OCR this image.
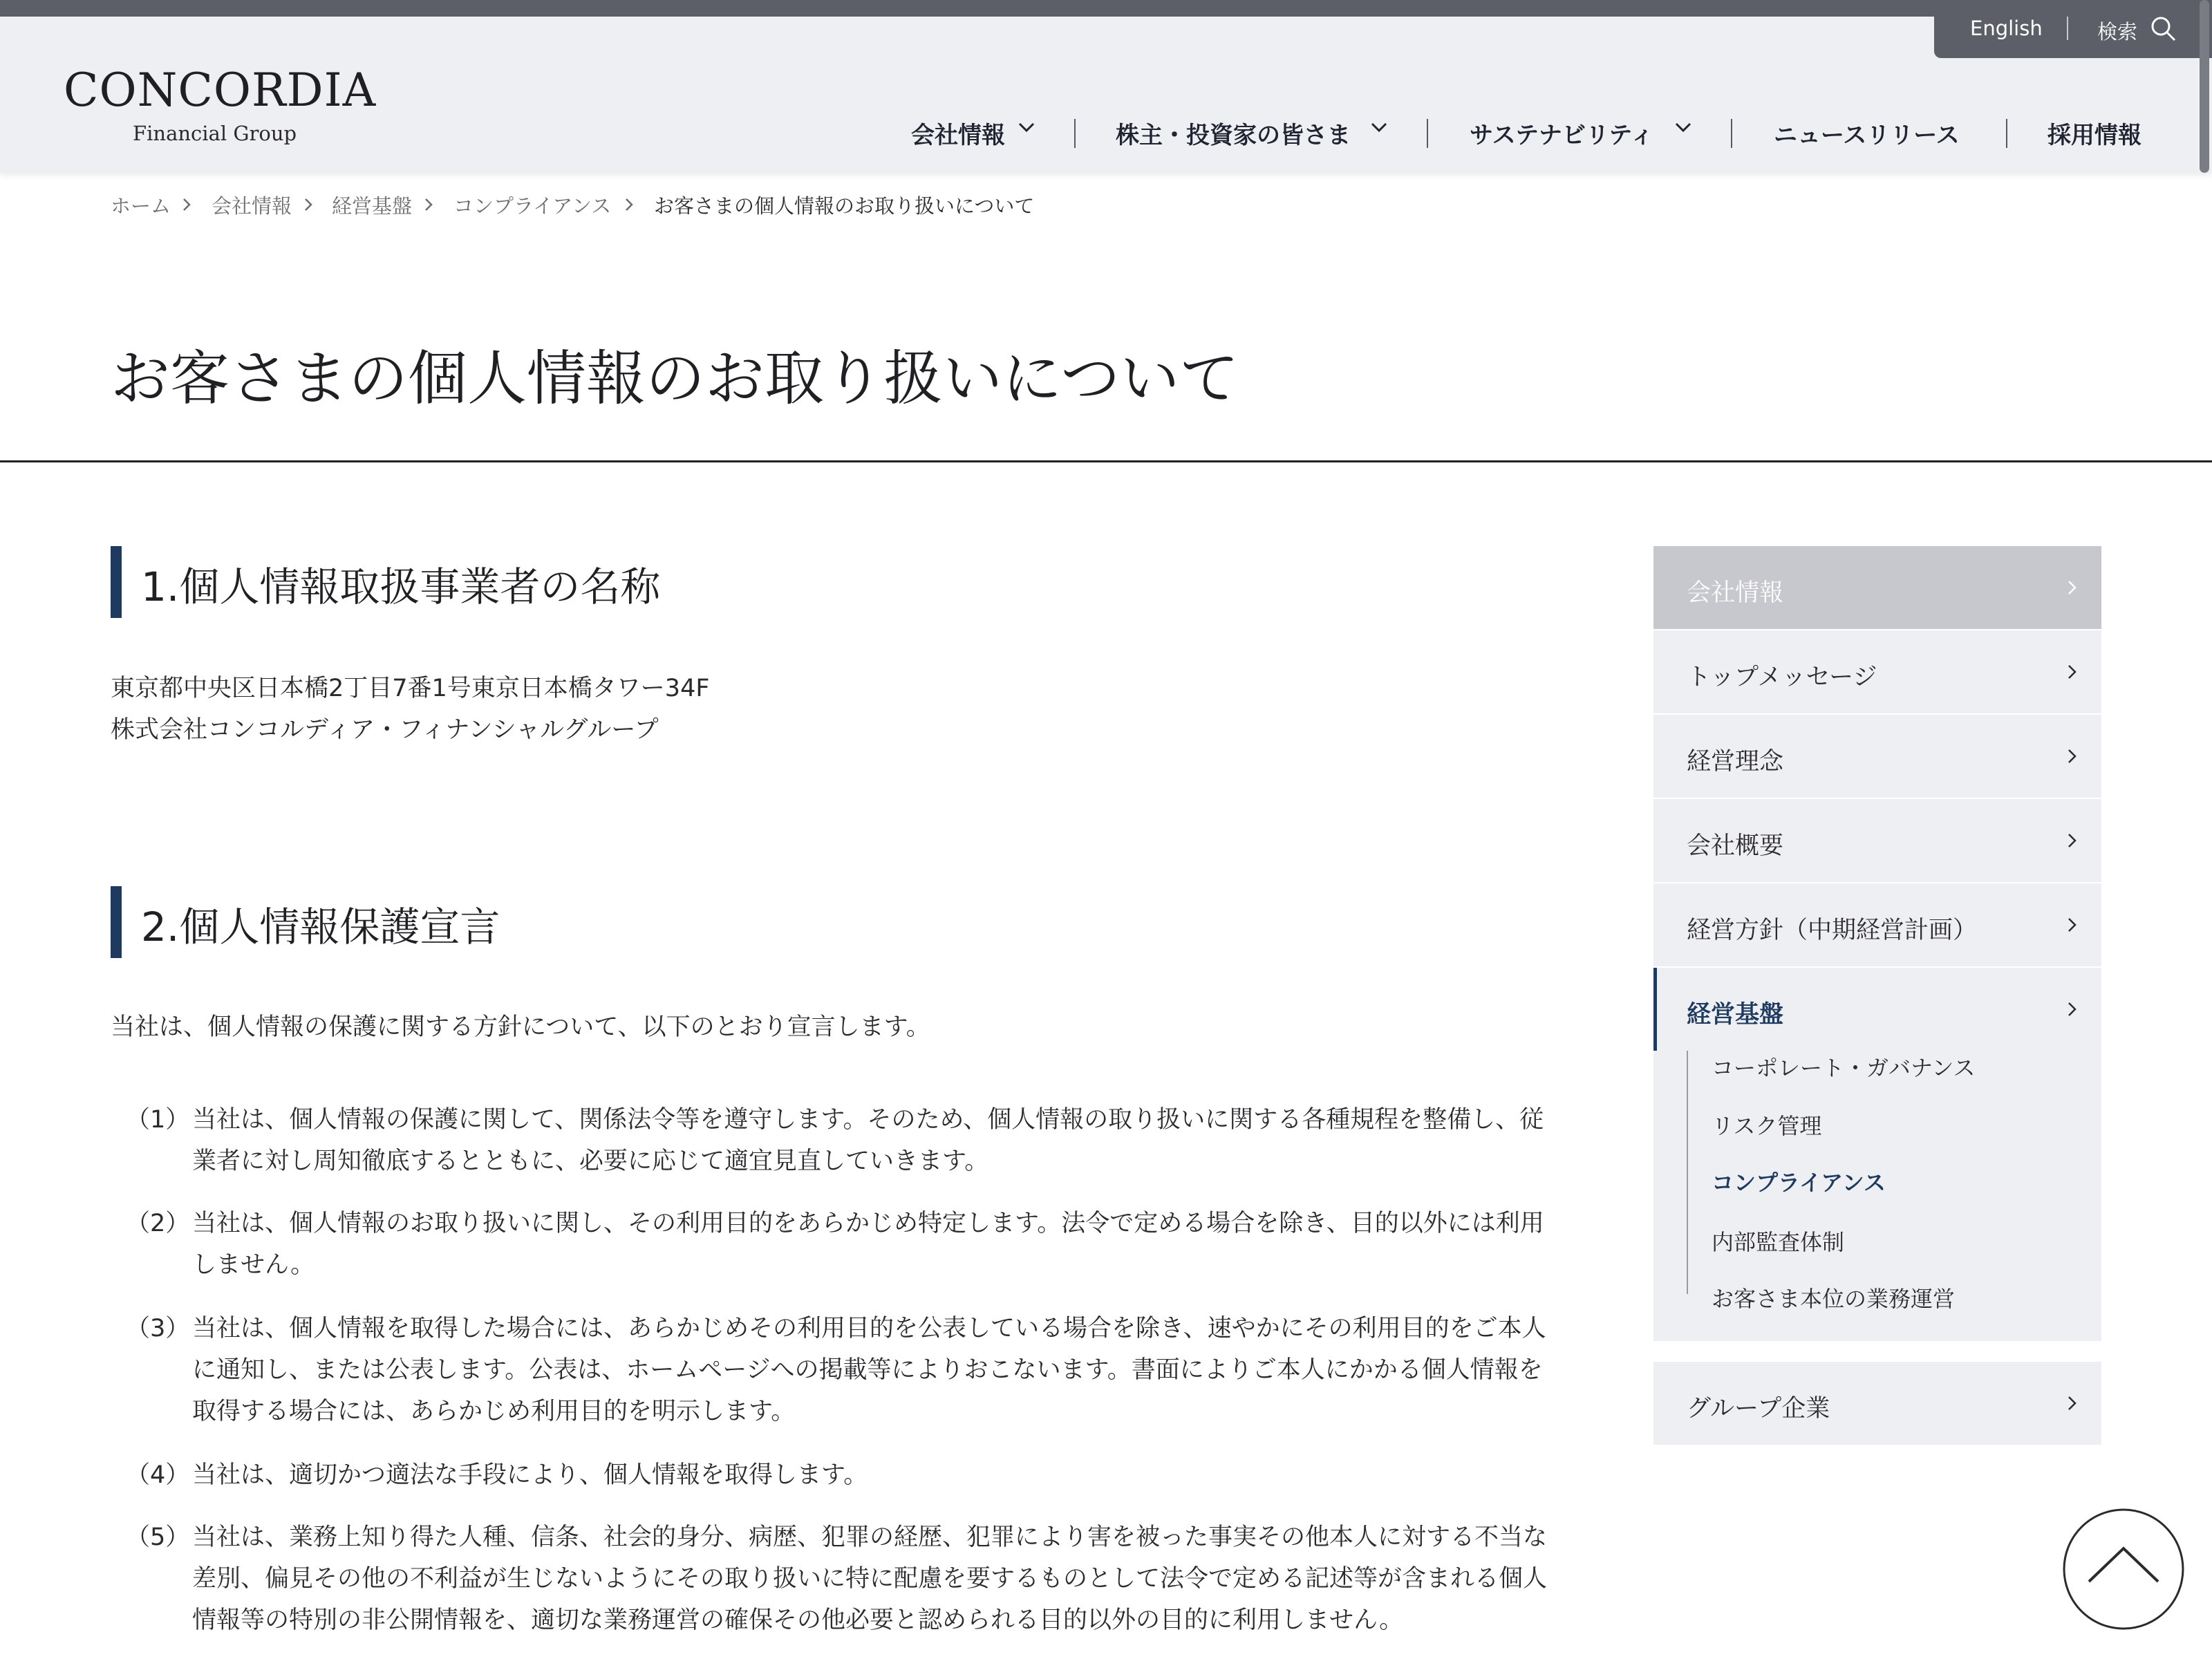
CONCORDIA
Financial Group	会社情報	株主・投資家の皆さま	サステナビリティ	ニュースリリース	採用情報
English	検索
ホーム 会社情報 経営基盤 コンプライアンス お客さまの個人情報のお取り扱いについて
お客さまの個人情報のお取り扱いについて
1.個人情報取扱事業者の名称
東京都中央区日本橋2丁目7番1号東京日本橋タワー34F
株式会社コンコルディア・フィナンシャルグループ
2.個人情報保護宣言
当社は、個人情報の保護に関する方針について、以下のとおり宣言します。
（1） 当社は、個人情報の保護に関して、関係法令等を遵守します。そのため、個人情報の取り扱いに関する各種規程を整備し、従
業者に対し周知徹底するとともに、必要に応じて適宜見直していきます。
（2） 当社は、個人情報のお取り扱いに関し、その利用目的をあらかじめ特定します。法令で定める場合を除き、目的以外には利用
しません。
（3） 当社は、個人情報を取得した場合には、あらかじめその利用目的を公表している場合を除き、速やかにその利用目的をご本人
に通知し、または公表します。公表は、ホームページへの掲載等によりおこないます。書面によりご本人にかかる個人情報を
取得する場合には、あらかじめ利用目的を明示します。
（4） 当社は、適切かつ適法な手段により、個人情報を取得します。
（5） 当社は、業務上知り得た人種、信条、社会的身分、病歴、犯罪の経歴、犯罪により害を被った事実その他本人に対する不当な
差別、偏見その他の不利益が生じないようにその取り扱いに特に配慮を要するものとして法令で定める記述等が含まれる個人
情報等の特別の非公開情報を、適切な業務運営の確保その他必要と認められる目的以外の目的に利用しません。
会社情報
トップメッセージ
経営理念
会社概要
経営方針（中期経営計画）
経営基盤
コーポレート・ガバナンス
リスク管理
コンプライアンス
内部監査体制
お客さま本位の業務運営
グループ企業
